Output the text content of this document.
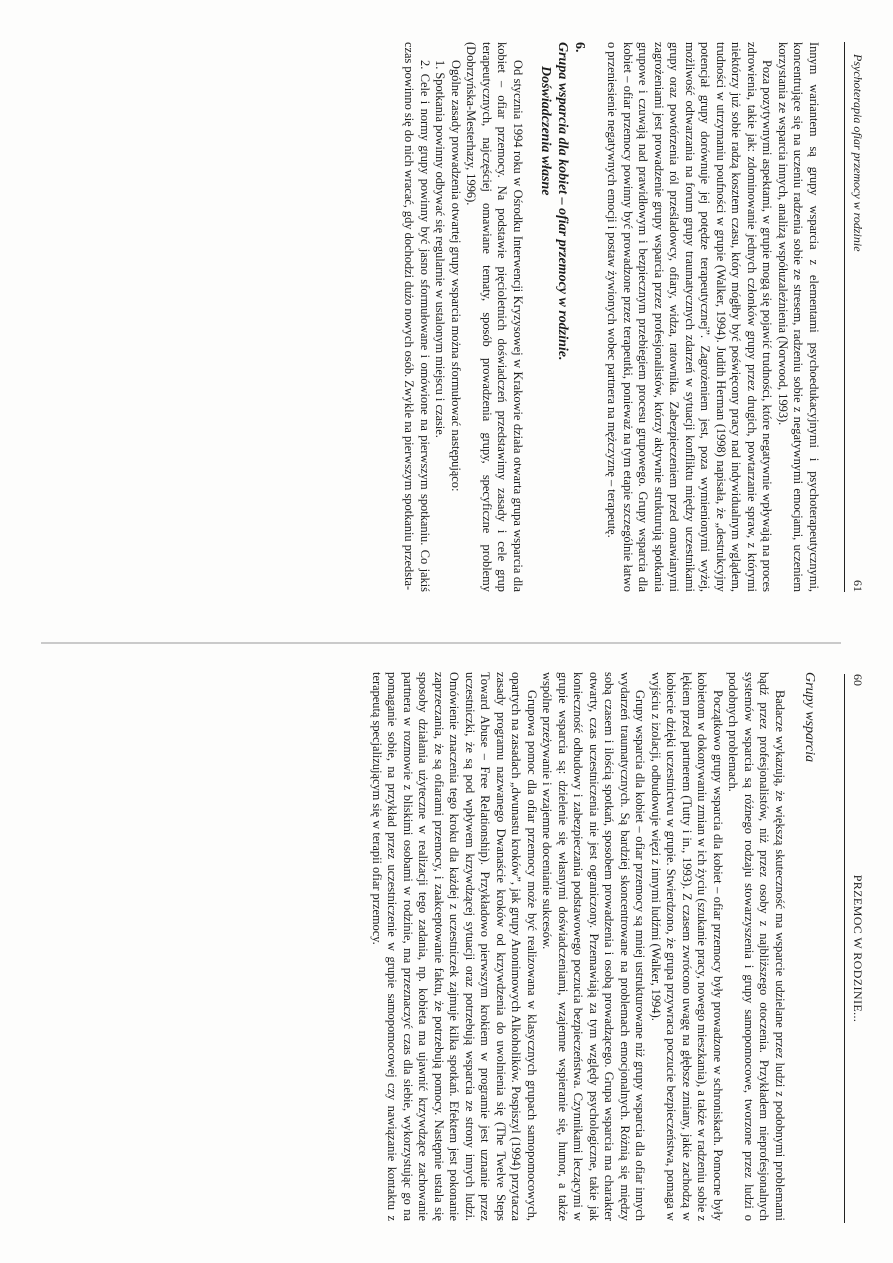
Psychoterapia ofiar przemocy w rodzinie
61

Innym wariantem są grupy wsparcia z elementami psychoedukacyjnymi i psychoterapeutycznymi, koncentrujące się na uczeniu radzenia sobie ze stresem, radzeniu sobie z negatywnymi emocjami, uczeniem korzystania ze wsparcia innych, analizą współuzależnienia (Norwood, 1993).

Poza pozytywnymi aspektami, w grupie mogą się pojawić trudności, które negatywnie wpływają na proces zdrowienia, takie jak: zdominowanie jednych członków grupy przez drugich, powtarzanie spraw, z którymi niektórzy już sobie radzą kosztem czasu, który mógłby być poświęcony pracy nad indywidualnym wglądem, trudności w utrzymaniu poufności w grupie (Walker, 1994). Judith Herman (1998) napisała, że „destrukcyjny potencjał grupy dorównuje jej potędze terapeutycznej”. Zagrożeniem jest, poza wymienionymi wyżej, możliwość odtwarzania na forum grupy traumatycznych zdarzeń w sytuacji konfliktu między uczestnikami grupy oraz powtórzenia ról prześladowcy, ofiary, widza, ratownika. Zabezpieczeniem przed omawianymi zagrożeniami jest prowadzenie grupy wsparcia przez profesjonalistów, którzy aktywnie strukturują spotkania grupowe i czuwają nad prawidłowym i bezpiecznym przebiegiem procesu grupowego. Grupy wsparcia dla kobiet – ofiar przemocy powinny być prowadzone przez terapeutki, ponieważ na tym etapie szczególnie łatwo o przeniesienie negatywnych emocji i postaw żywionych wobec partnera na mężczyznę – terapeutę.

6.
Grupa wsparcia dla kobiet – ofiar przemocy w rodzinie.
Doświadczenia własne

Od stycznia 1994 roku w Ośrodku Interwencji Kryzysowej w Krakowie działa otwarta grupa wsparcia dla kobiet – ofiar przemocy. Na podstawie pięcioletnich doświadczeń przedstawimy zasady i cele grup terapeutycznych, najczęściej omawiane tematy, sposób prowadzenia grupy, specyficzne problemy (Dobrzyńska-Mesterhazy, 1996).

Ogólne zasady prowadzenia otwartej grupy wsparcia można sformułować następująco:

1. Spotkania powinny odbywać się regularnie w ustalonym miejscu i czasie.

2. Cele i normy grupy powinny być jasno sformułowane i omówione na pierwszym spotkaniu. Co jakiś czas powinno się do nich wracać, gdy dochodzi dużo nowych osób. Zwykle na pierwszym spotkaniu przedsta-

60
PRZEMOC W RODZINIE...
Grupy wsparcia

Badacze wykazują, że większą skuteczność ma wsparcie udzielane przez ludzi z podobnymi problemami bądź przez profesjonalistów, niż przez osoby z najbliższego otoczenia. Przykładem nieprofesjonalnych systemów wsparcia są różnego rodzaju stowarzyszenia i grupy samopomocowe, tworzone przez ludzi o podobnych problemach.

Początkowo grupy wsparcia dla kobiet – ofiar przemocy były prowadzone w schroniskach. Pomocne były kobietom w dokonywaniu zmian w ich życiu (szukanie pracy, nowego mieszkania), a także w radzeniu sobie z lękiem przed partnerem (Tutty i in., 1993). Z czasem zwrócono uwagę na głębsze zmiany, jakie zachodzą w kobiecie dzięki uczestnictwu w grupie. Stwierdzono, że grupa przywraca poczucie bezpieczeństwa, pomaga w wyjściu z izolacji, odbudowuje więzi z innymi ludźmi (Walker, 1994).

Grupy wsparcia dla kobiet – ofiar przemocy są mniej ustrukturowane niż grupy wsparcia dla ofiar innych wydarzeń traumatycznych. Są bardziej skoncentrowane na problemach emocjonalnych. Różnią się między sobą czasem i ilością spotkań, sposobem prowadzenia i osobą prowadzącego. Grupa wsparcia ma charakter otwarty, czas uczestniczenia nie jest ograniczony. Przemawiają za tym względy psychologiczne, takie jak konieczność odbudowy i zabezpieczania podstawowego poczucia bezpieczeństwa. Czynnikami leczącymi w grupie wsparcia są: dzielenie się własnymi doświadczeniami, wzajemne wspieranie się, humor, a także wspólne przeżywanie i wzajemne docenianie sukcesów.

Grupowa pomoc dla ofiar przemocy może być realizowana w klasycznych grupach samopomocowych, opartych na zasadach „dwunastu kroków”, jak grupy Anonimowych Alkoholików. Pospiszyl (1994) przytacza zasady programu nazwanego Dwanaście kroków od krzywdzenia do uwolnienia się (The Twelve Steps Toward Abuse – Free Relationship). Przykładowo pierwszym krokiem w programie jest uznanie przez uczestniczki, że są pod wpływem krzywdzącej sytuacji oraz potrzebują wsparcia ze strony innych ludzi. Omówienie znaczenia tego kroku dla każdej z uczestniczek zajmuje kilka spotkań. Efektem jest pokonanie zaprzeczania, że są ofiarami przemocy, i zaakceptowanie faktu, że potrzebują pomocy. Następnie ustala się sposoby działania użyteczne w realizacji tego zadania, np. kobieta ma ujawnić krzywdzące zachowanie partnera w rozmowie z bliskimi osobami w rodzinie, ma przeznaczyć czas dla siebie, wykorzystując go na pomaganie sobie, na przykład przez uczestniczenie w grupie samopomocowej czy nawiązanie kontaktu z terapeutą specjalizującym się w terapii ofiar przemocy.
